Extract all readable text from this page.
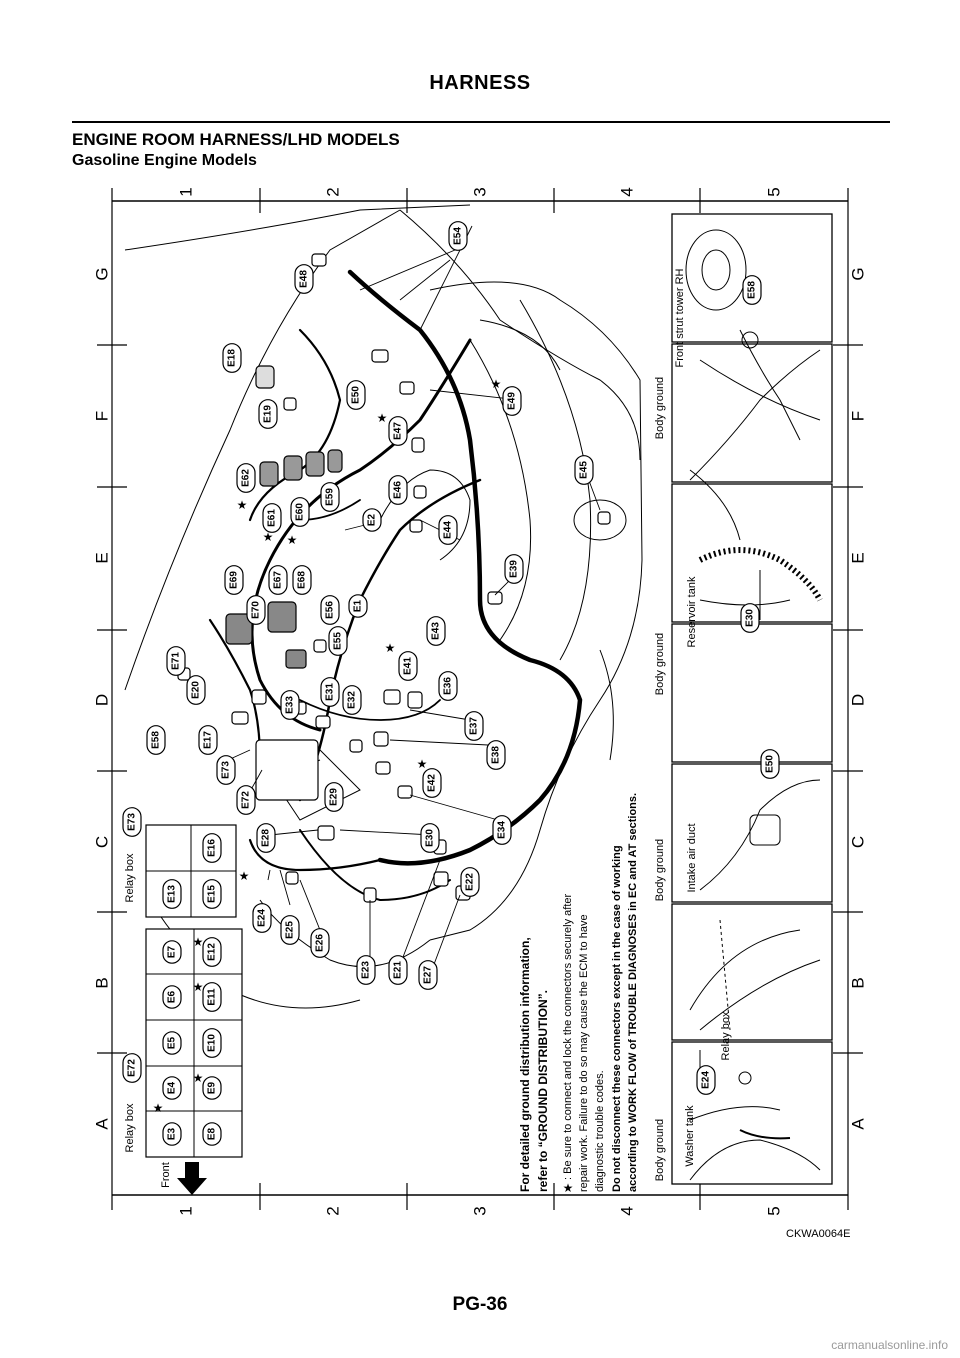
HARNESS
ENGINE ROOM HARNESS/LHD MODELS
Gasoline Engine Models
1
1
2
2
3
3
4
4
5
5
A	A
B	B
C	C
D	D
E	E
F	F
G	G
Front
Relay box
E72
E3
E4
E5
E6
E7
E8
E9
E10
E11
E12
★
★
★
★
Relay box
E73
E13	E15
E16
E54
E48
E18
E50
E19
E49
E47
E62	E45
E46
E59
E61 E60	E2
E44
E69	E67 E68
E39
E70	E56 E1
E71
E55
E43
E41
E20	E31	E36
E33	E32
E58	E17
E37
E73
E38
E42
E29
E72
E30	E34
E28
E22
E24
E25
E26
E23 E21 E27
★
★
★
★ ★
★
★
★
Body ground Washer tank
Relay box
E24
Body ground Intake air duct
E50
Body ground
Reservoir tank	E30
Body ground
Front strut tower RH	E58
For detailed ground distribution information, refer to “GROUND DISTRIBUTION”. : Be sure to connect and lock the connectors securely after repair work. Failure to do so may cause the ECM to have diagnostic trouble codes. Do not disconnect these connectors except in the case of working according to WORK FLOW of TROUBLE DIAGNOSES in EC and AT sections.
★
CKWA0064E
PG-36
carmanualsonline.info
